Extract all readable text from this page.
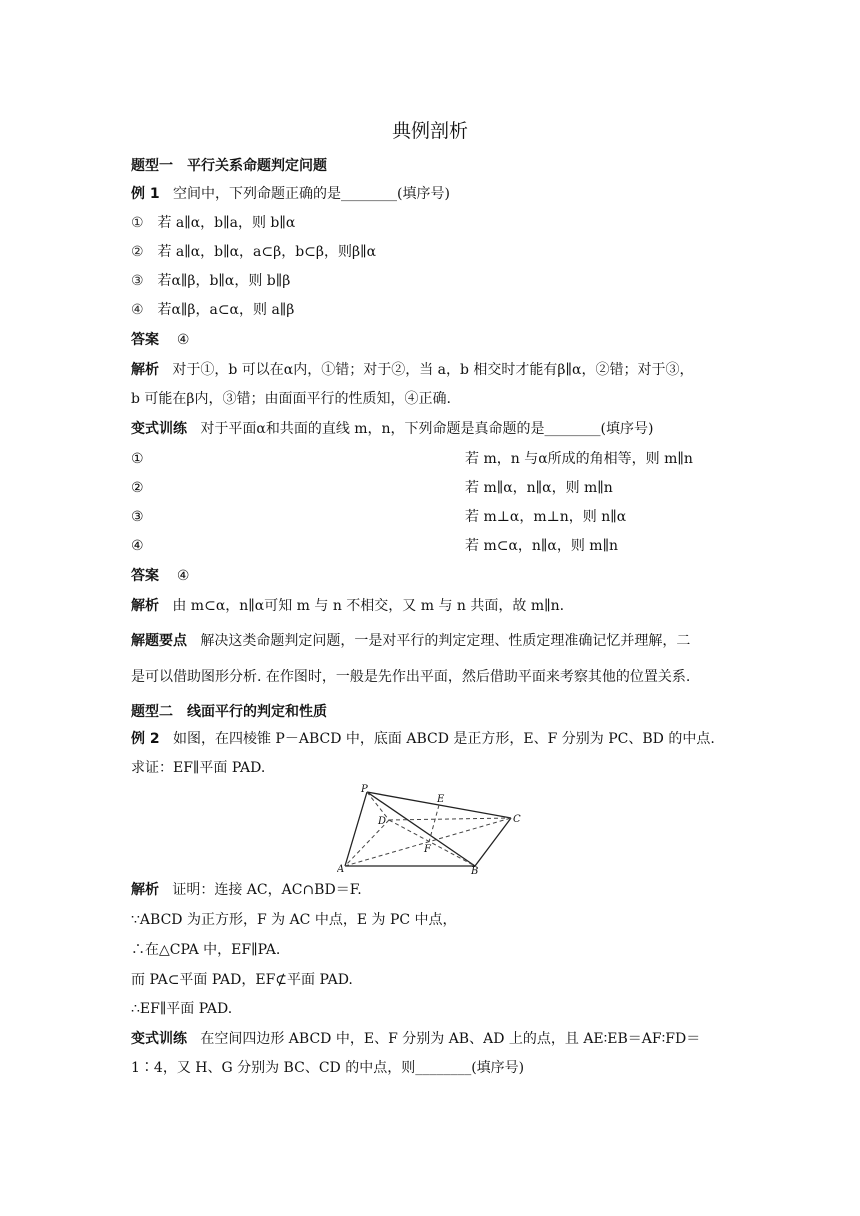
典例剖析
题型一　平行关系命题判定问题
例 1 空间中，下列命题正确的是________(填序号)
① 若 a∥α，b∥a，则 b∥α
② 若 a∥α，b∥α，a⊂β，b⊂β，则β∥α
③ 若α∥β，b∥α，则 b∥β
④ 若α∥β，a⊂α，则 a∥β
答案 ④
解析 对于①，b 可以在α内，①错；对于②，当 a，b 相交时才能有β∥α，②错；对于③，
b 可能在β内，③错；由面面平行的性质知，④正确.
变式训练 对于平面α和共面的直线 m，n，下列命题是真命题的是________(填序号)
①	若 m，n 与α所成的角相等，则 m∥n
②	若 m∥α，n∥α，则 m∥n
③	若 m⊥α，m⊥n，则 n∥α
④	若 m⊂α，n∥α，则 m∥n
答案 ④
解析 由 m⊂α，n∥α可知 m 与 n 不相交，又 m 与 n 共面，故 m∥n.
解题要点 解决这类命题判定问题，一是对平行的判定定理、性质定理准确记忆并理解，二
是可以借助图形分析. 在作图时，一般是先作出平面，然后借助平面来考察其他的位置关系.
题型二　线面平行的判定和性质
例 2 如图，在四棱锥 P－ABCD 中，底面 ABCD 是正方形，E、F 分别为 PC、BD 的中点.
求证：EF∥平面 PAD.
P
E
D	C
F
A	B
解析 证明：连接 AC，AC∩BD＝F.
∵ABCD 为正方形，F 为 AC 中点，E 为 PC 中点，
∴在△CPA 中，EF∥PA.
而 PA⊂平面 PAD，EF⊄平面 PAD.
∴EF∥平面 PAD.
变式训练 在空间四边形 ABCD 中，E、F 分别为 AB、AD 上的点，且 AE∶EB＝AF∶FD＝
1∶4，又 H、G 分别为 BC、CD 的中点，则________(填序号)
